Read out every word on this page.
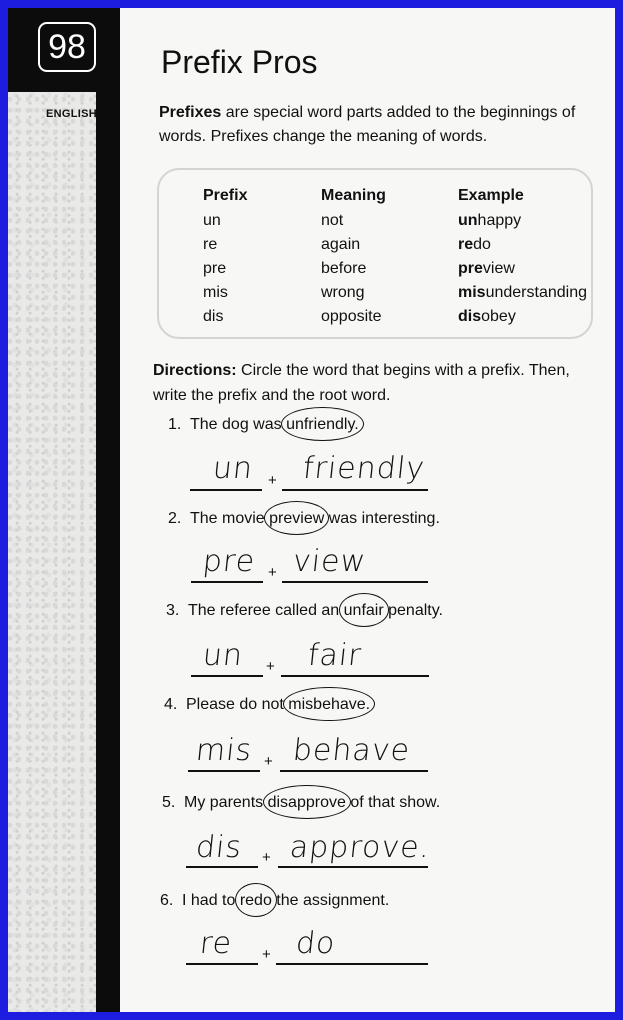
98
ENGLISH
Prefix Pros
Prefixes are special word parts added to the beginnings of words. Prefixes change the meaning of words.
Prefix	Meaning	Example
un	not	unhappy
re	again	redo
pre	before	preview
mis	wrong	misunderstanding
dis	opposite	disobey
Directions: Circle the word that begins with a prefix. Then, write the prefix and the root word.
1. The dog was unfriendly.
un + friendly
2. The movie preview was interesting.
pre + view
3. The referee called an unfair penalty.
un + fair
4. Please do not misbehave.
mis + behave
5. My parents disapprove of that show.
dis + approve.
6. I had to redo the assignment.
re + do
